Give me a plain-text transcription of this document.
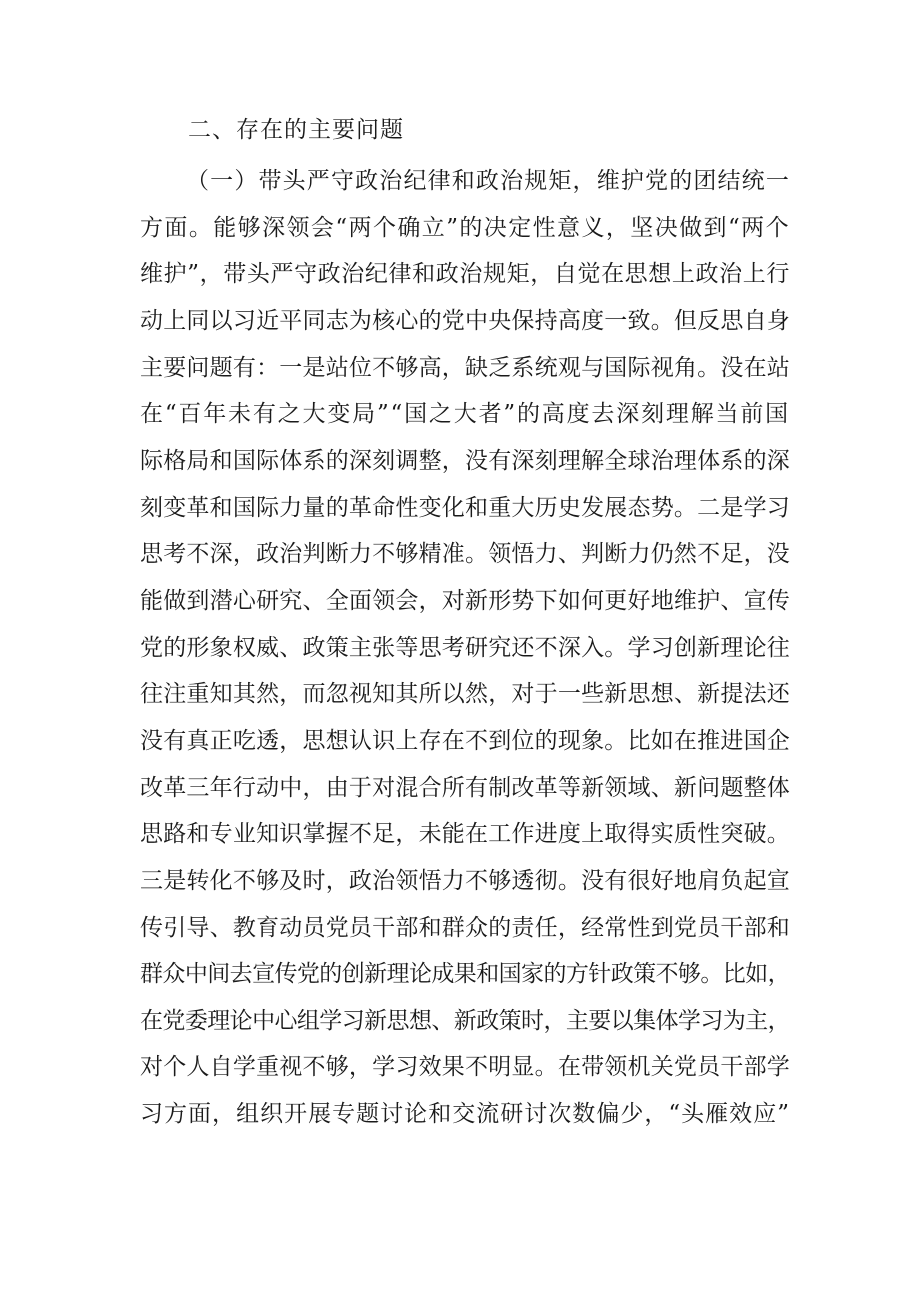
二、存在的主要问题
（一）带头严守政治纪律和政治规矩，维护党的团结统一
方面。能够深领会“两个确立”的决定性意义，坚决做到“两个
维护”，带头严守政治纪律和政治规矩，自觉在思想上政治上行
动上同以习近平同志为核心的党中央保持高度一致。但反思自身
主要问题有：一是站位不够高，缺乏系统观与国际视角。没在站
在“百年未有之大变局”“国之大者”的高度去深刻理解当前国
际格局和国际体系的深刻调整，没有深刻理解全球治理体系的深
刻变革和国际力量的革命性变化和重大历史发展态势。二是学习
思考不深，政治判断力不够精准。领悟力、判断力仍然不足，没
能做到潜心研究、全面领会，对新形势下如何更好地维护、宣传
党的形象权威、政策主张等思考研究还不深入。学习创新理论往
往注重知其然，而忽视知其所以然，对于一些新思想、新提法还
没有真正吃透，思想认识上存在不到位的现象。比如在推进国企
改革三年行动中，由于对混合所有制改革等新领域、新问题整体
思路和专业知识掌握不足，未能在工作进度上取得实质性突破。
三是转化不够及时，政治领悟力不够透彻。没有很好地肩负起宣
传引导、教育动员党员干部和群众的责任，经常性到党员干部和
群众中间去宣传党的创新理论成果和国家的方针政策不够。比如，
在党委理论中心组学习新思想、新政策时，主要以集体学习为主，
对个人自学重视不够，学习效果不明显。在带领机关党员干部学
习方面，组织开展专题讨论和交流研讨次数偏少，“头雁效应”
